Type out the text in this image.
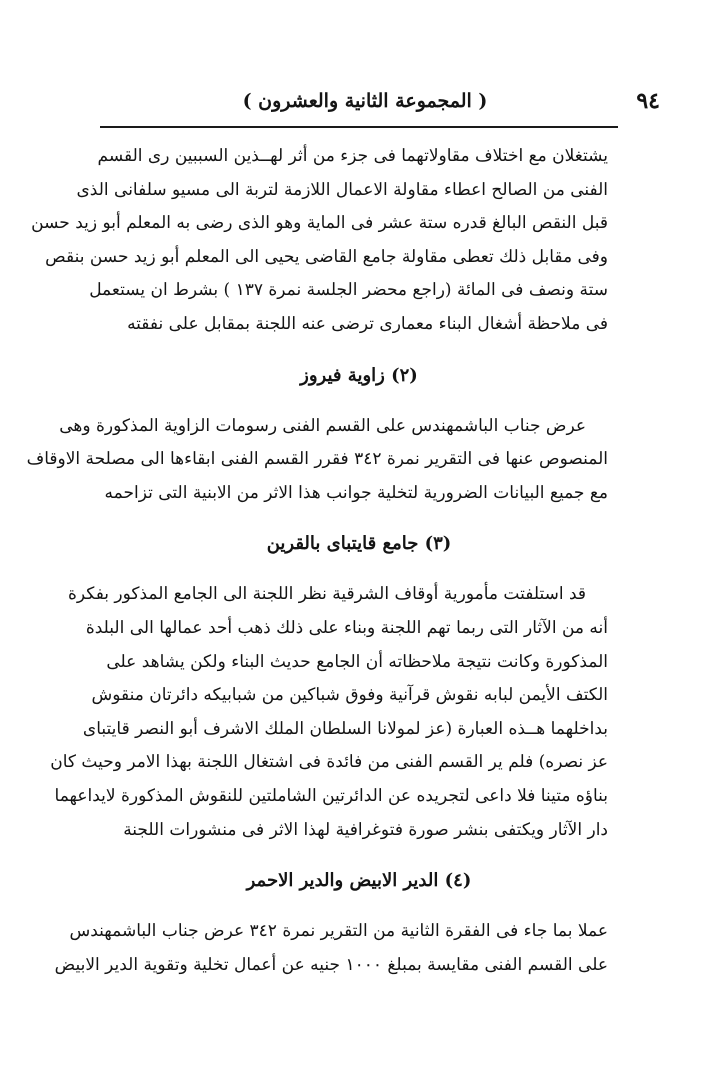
٩٤
( المجموعة الثانية والعشرون )
يشتغلان مع اختلاف مقاولاتهما فى جزء من أثر لهــذين السببين رى القسم
الفنى من الصالح اعطاء مقاولة الاعمال اللازمة لتربة الى مسيو سلفانى الذى
قبل النقص البالغ قدره ستة عشر فى الماية وهو الذى رضى به المعلم أبو زيد حسن
وفى مقابل ذلك تعطى مقاولة جامع القاضى يحيى الى المعلم أبو زيد حسن بنقص
ستة ونصف فى المائة (راجع محضر الجلسة نمرة ١٣٧ ) بشرط ان يستعمل
فى ملاحظة أشغال البناء معمارى ترضى عنه اللجنة بمقابل على نفقته
(٢) زاوية فيروز
عرض جناب الباشمهندس على القسم الفنى رسومات الزاوية المذكورة وهى
المنصوص عنها فى التقرير نمرة ٣٤٢ فقرر القسم الفنى ابقاءها الى مصلحة الاوقاف
مع جميع البيانات الضرورية لتخلية جوانب هذا الاثر من الابنية التى تزاحمه
(٣) جامع قايتباى بالقرين
قد استلفتت مأمورية أوقاف الشرقية نظر اللجنة الى الجامع المذكور بفكرة
أنه من الآثار التى ربما تهم اللجنة وبناء على ذلك ذهب أحد عمالها الى البلدة
المذكورة وكانت نتيجة ملاحظاته أن الجامع حديث البناء ولكن يشاهد على
الكتف الأيمن لبابه نقوش قرآنية وفوق شباكين من شبابيكه دائرتان منقوش
بداخلهما هــذه العبارة (عز لمولانا السلطان الملك الاشرف أبو النصر قايتباى
عز نصره) فلم ير القسم الفنى من فائدة فى اشتغال اللجنة بهذا الامر وحيث كان
بناؤه متينا فلا داعى لتجريده عن الدائرتين الشاملتين للنقوش المذكورة لايداعهما
دار الآثار ويكتفى بنشر صورة فتوغرافية لهذا الاثر فى منشورات اللجنة
(٤) الدير الابيض والدير الاحمر
عملا بما جاء فى الفقرة الثانية من التقرير نمرة ٣٤٢ عرض جناب الباشمهندس
على القسم الفنى مقايسة بمبلغ ١٠٠٠ جنيه عن أعمال تخلية وتقوية الدير الابيض
